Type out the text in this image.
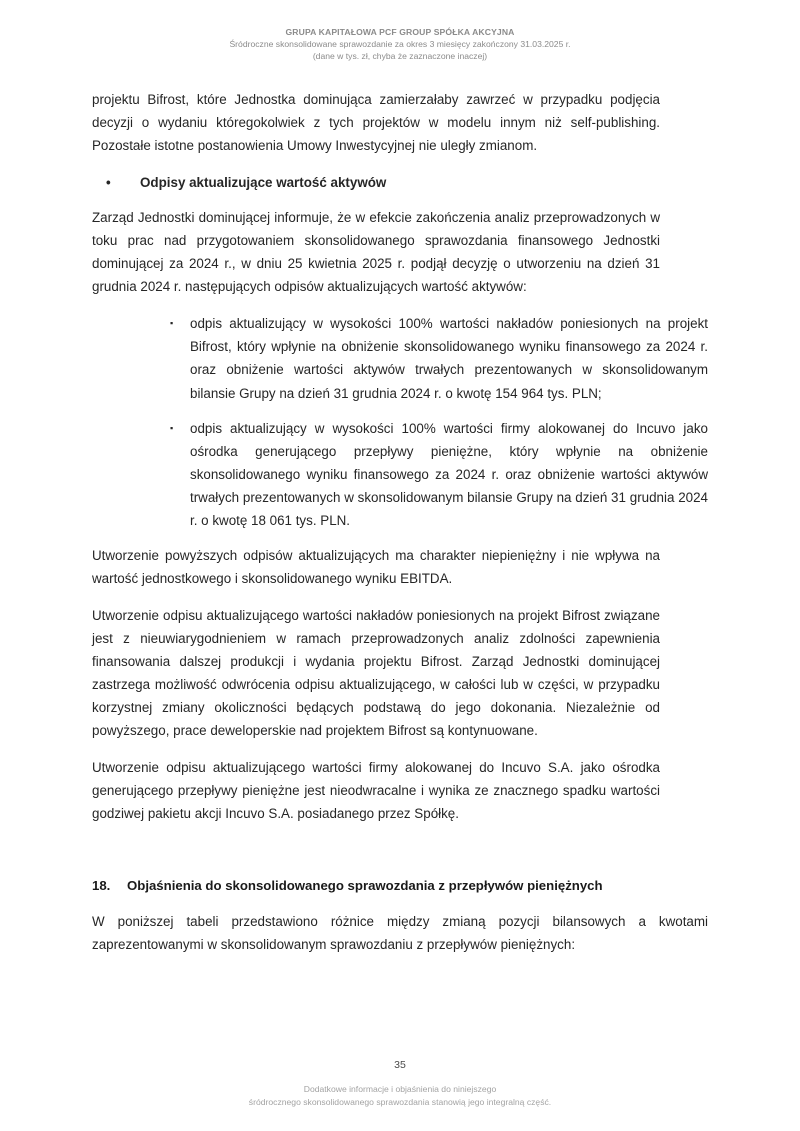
GRUPA KAPITAŁOWA PCF GROUP SPÓŁKA AKCYJNA
Śródroczne skonsolidowane sprawozdanie za okres 3 miesięcy zakończony 31.03.2025 r.
(dane w tys. zł, chyba że zaznaczone inaczej)

projektu Bifrost, które Jednostka dominująca zamierzałaby zawrzeć w przypadku podjęcia decyzji o wydaniu któregokolwiek z tych projektów w modelu innym niż self-publishing. Pozostałe istotne postanowienia Umowy Inwestycyjnej nie uległy zmianom.

• Odpisy aktualizujące wartość aktywów

Zarząd Jednostki dominującej informuje, że w efekcie zakończenia analiz przeprowadzonych w toku prac nad przygotowaniem skonsolidowanego sprawozdania finansowego Jednostki dominującej za 2024 r., w dniu 25 kwietnia 2025 r. podjął decyzję o utworzeniu na dzień 31 grudnia 2024 r. następujących odpisów aktualizujących wartość aktywów:

▪ odpis aktualizujący w wysokości 100% wartości nakładów poniesionych na projekt Bifrost, który wpłynie na obniżenie skonsolidowanego wyniku finansowego za 2024 r. oraz obniżenie wartości aktywów trwałych prezentowanych w skonsolidowanym bilansie Grupy na dzień 31 grudnia 2024 r. o kwotę 154 964 tys. PLN;
▪ odpis aktualizujący w wysokości 100% wartości firmy alokowanej do Incuvo jako ośrodka generującego przepływy pieniężne, który wpłynie na obniżenie skonsolidowanego wyniku finansowego za 2024 r. oraz obniżenie wartości aktywów trwałych prezentowanych w skonsolidowanym bilansie Grupy na dzień 31 grudnia 2024 r. o kwotę 18 061 tys. PLN.

Utworzenie powyższych odpisów aktualizujących ma charakter niepieniężny i nie wpływa na wartość jednostkowego i skonsolidowanego wyniku EBITDA.

Utworzenie odpisu aktualizującego wartości nakładów poniesionych na projekt Bifrost związane jest z nieuwiarygodnieniem w ramach przeprowadzonych analiz zdolności zapewnienia finansowania dalszej produkcji i wydania projektu Bifrost. Zarząd Jednostki dominującej zastrzega możliwość odwrócenia odpisu aktualizującego, w całości lub w części, w przypadku korzystnej zmiany okoliczności będących podstawą do jego dokonania. Niezależnie od powyższego, prace deweloperskie nad projektem Bifrost są kontynuowane.

Utworzenie odpisu aktualizującego wartości firmy alokowanej do Incuvo S.A. jako ośrodka generującego przepływy pieniężne jest nieodwracalne i wynika ze znacznego spadku wartości godziwej pakietu akcji Incuvo S.A. posiadanego przez Spółkę.

18. Objaśnienia do skonsolidowanego sprawozdania z przepływów pieniężnych

W poniższej tabeli przedstawiono różnice między zmianą pozycji bilansowych a kwotami zaprezentowanymi w skonsolidowanym sprawozdaniu z przepływów pieniężnych:

35
Dodatkowe informacje i objaśnienia do niniejszego
śródrocznego skonsolidowanego sprawozdania stanowią jego integralną część.
